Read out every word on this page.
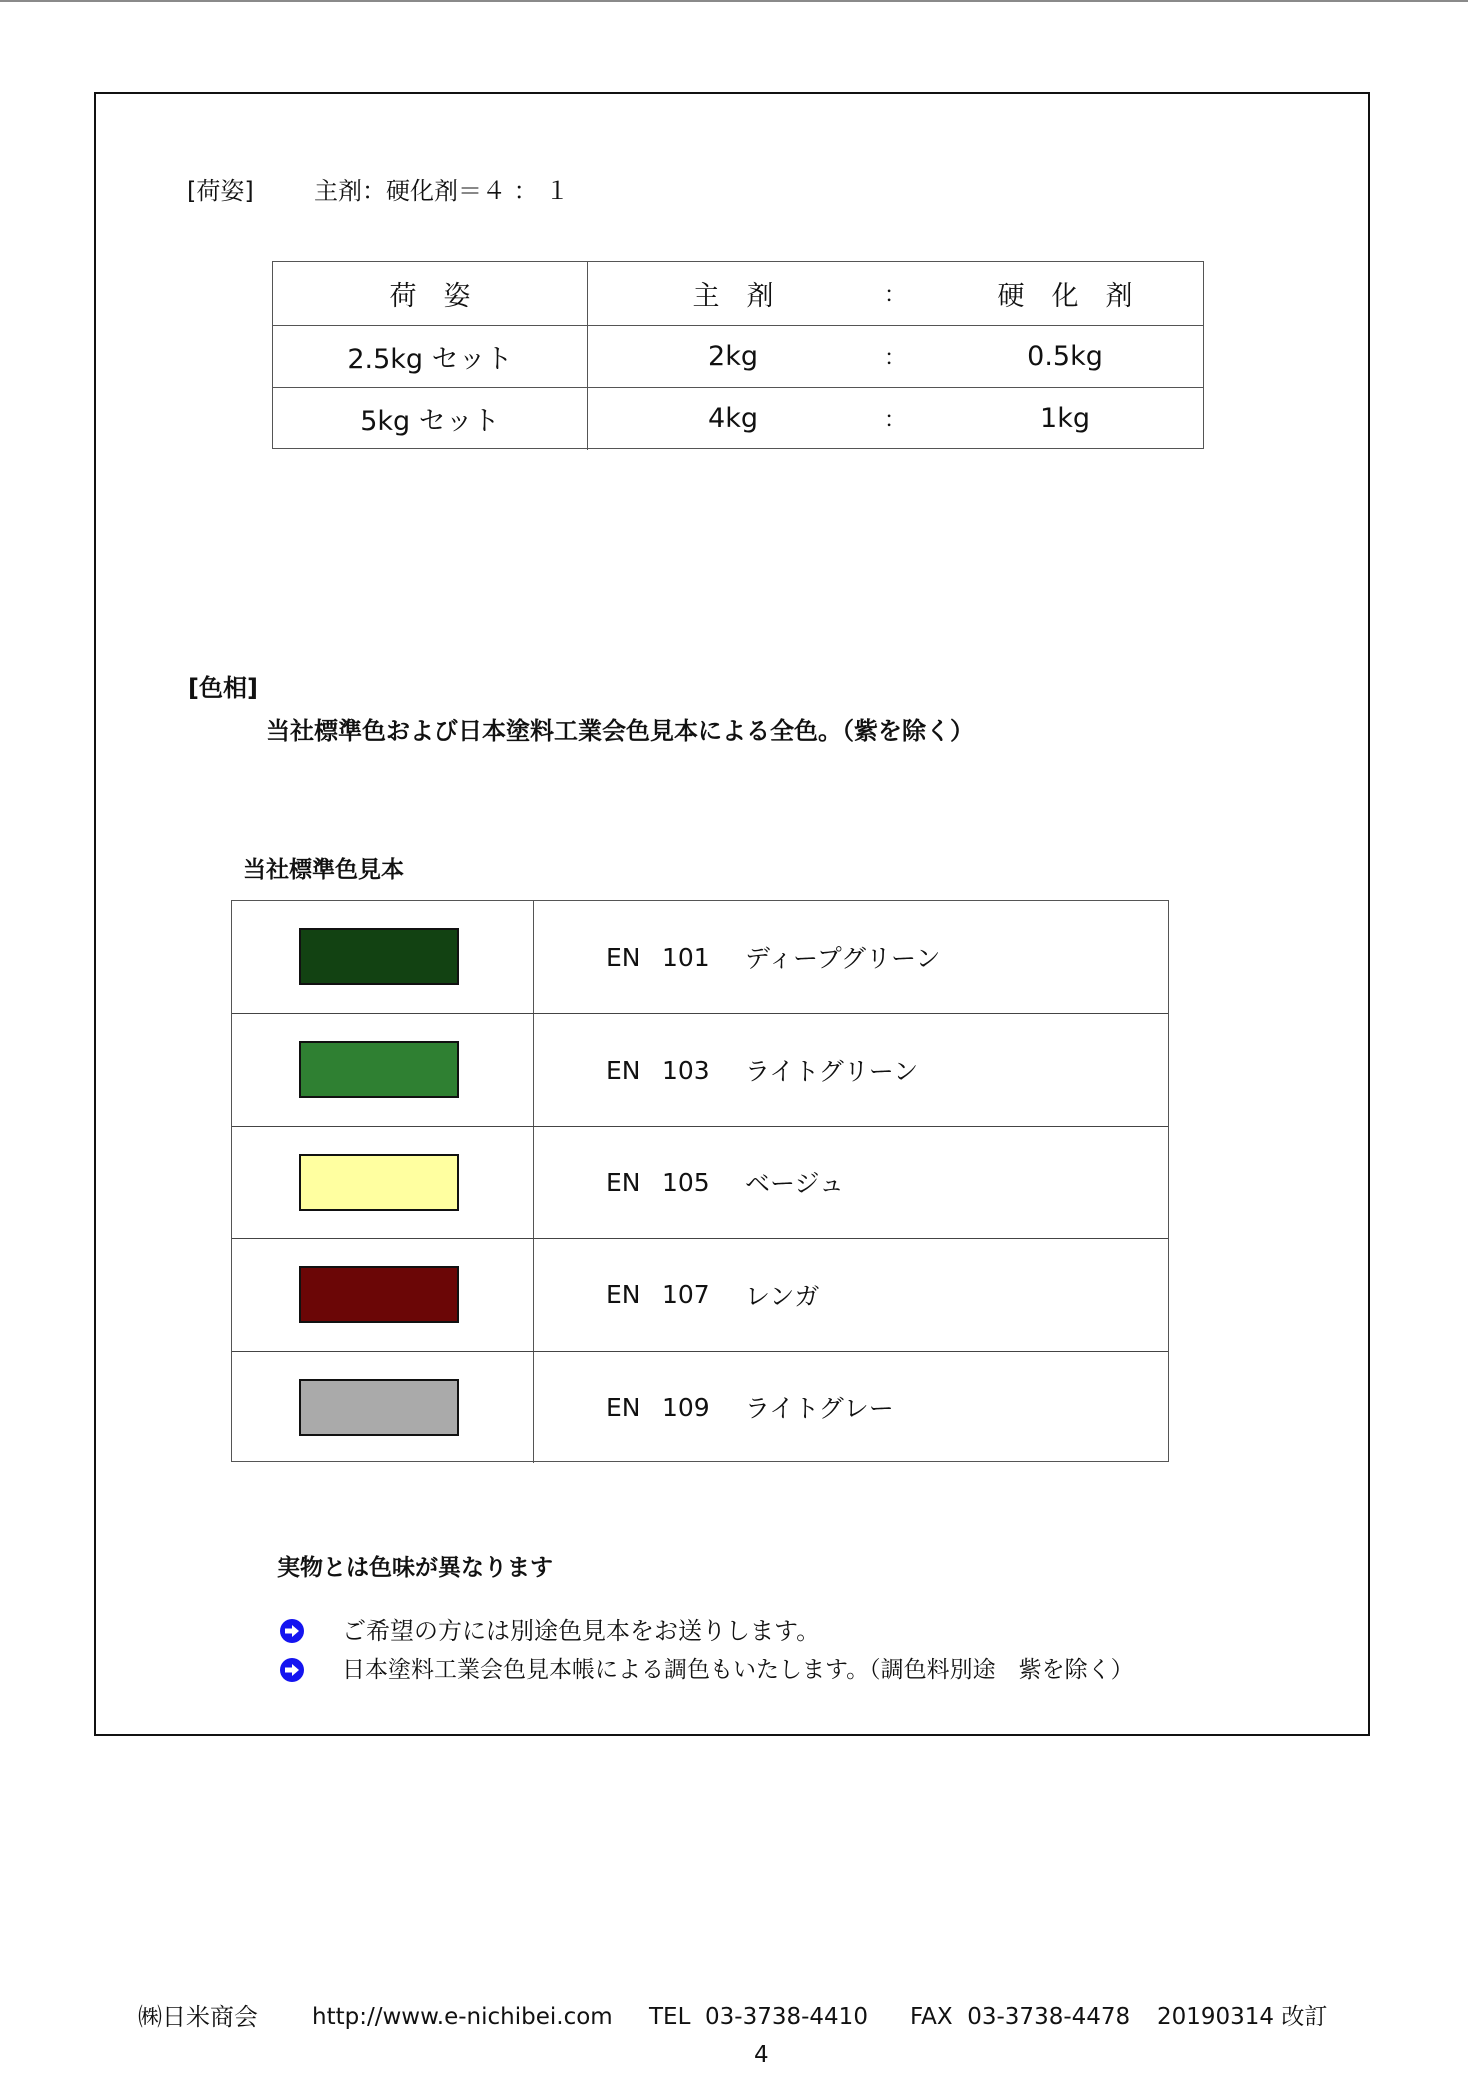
[荷姿]	主剤：硬化剤＝４ ： １
荷　姿	主　剤	：	硬　化　剤
2.5kg セット	2kg	：	0.5kg
5kg セット	4kg	：	1kg
[色相]
当社標準色および日本塗料工業会色見本による全色。（紫を除く）
当社標準色見本
EN 101	ディープグリーン
EN 103	ライトグリーン
EN 105	ベージュ
EN 107	レンガ
EN 109	ライトグレー
実物とは色味が異なります
ご希望の方には別途色見本をお送りします。
日本塗料工業会色見本帳による調色もいたします。（調色料別途　紫を除く）
㈱日米商会 http://www.e-nichibei.com TEL  03-3738-4410 FAX  03-3738-4478 20190314 改訂
4
